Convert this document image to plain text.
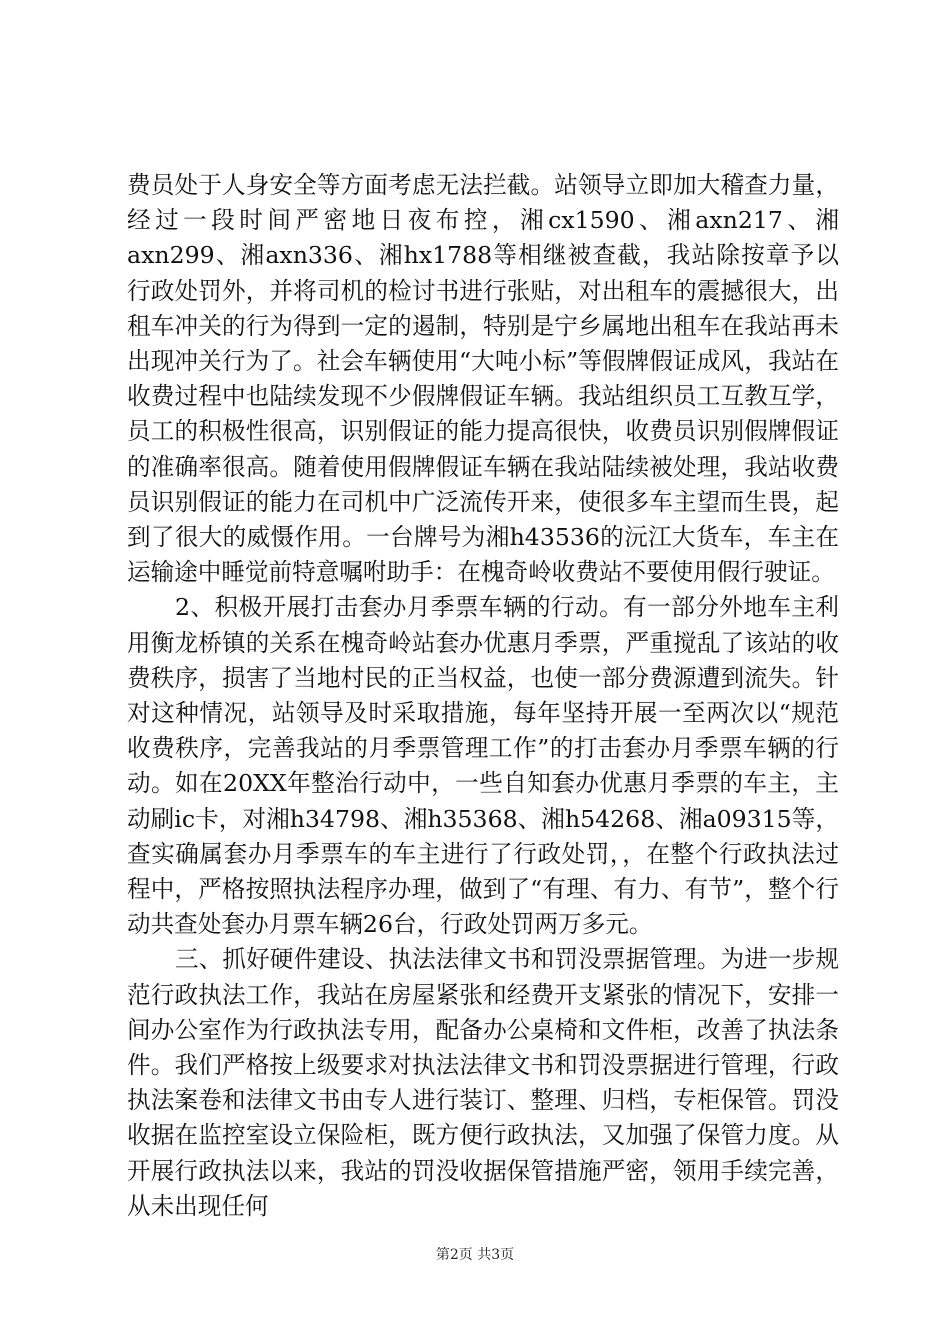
费员处于人身安全等方面考虑无法拦截。站领导立即加大稽查力量，经过一段时间严密地日夜布控，湘cx1590、湘axn217、湘axn299、湘axn336、湘hx1788等相继被查截，我站除按章予以行政处罚外，并将司机的检讨书进行张贴，对出租车的震撼很大，出租车冲关的行为得到一定的遏制，特别是宁乡属地出租车在我站再未出现冲关行为了。社会车辆使用“大吨小标”等假牌假证成风，我站在收费过程中也陆续发现不少假牌假证车辆。我站组织员工互教互学，员工的积极性很高，识别假证的能力提高很快，收费员识别假牌假证的准确率很高。随着使用假牌假证车辆在我站陆续被处理，我站收费员识别假证的能力在司机中广泛流传开来，使很多车主望而生畏，起到了很大的威慑作用。一台牌号为湘h43536的沅江大货车，车主在运输途中睡觉前特意嘱咐助手：在槐奇岭收费站不要使用假行驶证。

2、积极开展打击套办月季票车辆的行动。有一部分外地车主利用衡龙桥镇的关系在槐奇岭站套办优惠月季票，严重搅乱了该站的收费秩序，损害了当地村民的正当权益，也使一部分费源遭到流失。针对这种情况，站领导及时采取措施，每年坚持开展一至两次以“规范收费秩序，完善我站的月季票管理工作”的打击套办月季票车辆的行动。如在20XX年整治行动中，一些自知套办优惠月季票的车主，主动刷ic卡，对湘h34798、湘h35368、湘h54268、湘a09315等，查实确属套办月季票车的车主进行了行政处罚，，在整个行政执法过程中，严格按照执法程序办理，做到了“有理、有力、有节”，整个行动共查处套办月票车辆26台，行政处罚两万多元。

三、抓好硬件建设、执法法律文书和罚没票据管理。为进一步规范行政执法工作，我站在房屋紧张和经费开支紧张的情况下，安排一间办公室作为行政执法专用，配备办公桌椅和文件柜，改善了执法条件。我们严格按上级要求对执法法律文书和罚没票据进行管理，行政执法案卷和法律文书由专人进行装订、整理、归档，专柜保管。罚没收据在监控室设立保险柜，既方便行政执法，又加强了保管力度。从开展行政执法以来，我站的罚没收据保管措施严密，领用手续完善，从未出现任何

第2页 共3页
